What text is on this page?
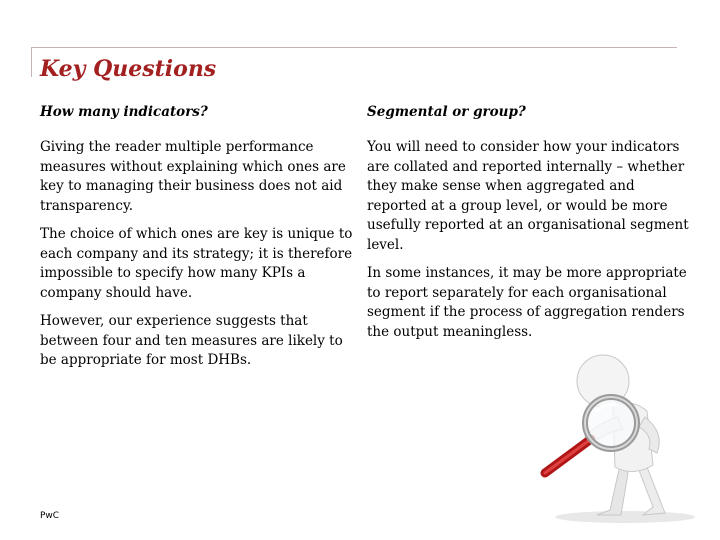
Key Questions

How many indicators?

Giving the reader multiple performance measures without explaining which ones are key to managing their business does not aid transparency.

The choice of which ones are key is unique to each company and its strategy; it is therefore impossible to specify how many KPIs a company should have.

However, our experience suggests that between four and ten measures are likely to be appropriate for most DHBs.

Segmental or group?

You will need to consider how your indicators are collated and reported internally – whether they make sense when aggregated and reported at a group level, or would be more usefully reported at an organisational segment level.

In some instances, it may be more appropriate to report separately for each organisational segment if the process of aggregation renders the output meaningless.

PwC
